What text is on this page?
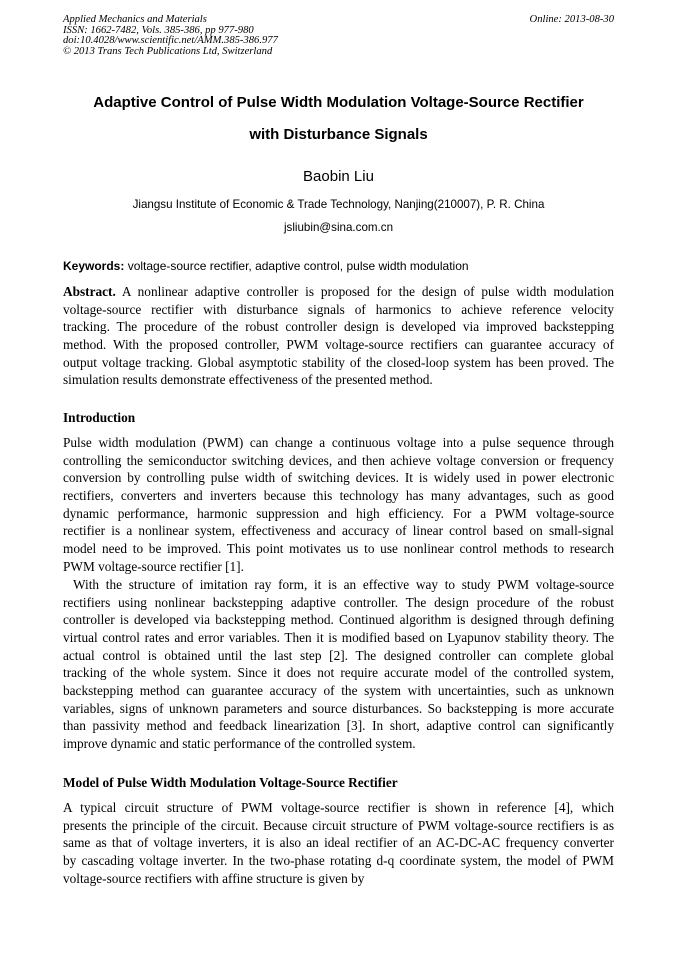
Applied Mechanics and Materials
ISSN: 1662-7482, Vols. 385-386, pp 977-980
doi:10.4028/www.scientific.net/AMM.385-386.977
© 2013 Trans Tech Publications Ltd, Switzerland
Online: 2013-08-30
Adaptive Control of Pulse Width Modulation Voltage-Source Rectifier
with Disturbance Signals
Baobin Liu
Jiangsu Institute of Economic & Trade Technology, Nanjing(210007), P. R. China
jsliubin@sina.com.cn
Keywords: voltage-source rectifier, adaptive control, pulse width modulation
Abstract. A nonlinear adaptive controller is proposed for the design of pulse width modulation
voltage-source rectifier with disturbance signals of harmonics to achieve reference velocity
tracking. The procedure of the robust controller design is developed via improved backstepping
method. With the proposed controller, PWM voltage-source rectifiers can guarantee accuracy of
output voltage tracking. Global asymptotic stability of the closed-loop system has been proved. The
simulation results demonstrate effectiveness of the presented method.
Introduction
Pulse width modulation (PWM) can change a continuous voltage into a pulse sequence through
controlling the semiconductor switching devices, and then achieve voltage conversion or frequency
conversion by controlling pulse width of switching devices. It is widely used in power electronic
rectifiers, converters and inverters because this technology has many advantages, such as good
dynamic performance, harmonic suppression and high efficiency. For a PWM voltage-source
rectifier is a nonlinear system, effectiveness and accuracy of linear control based on small-signal
model need to be improved. This point motivates us to use nonlinear control methods to research
PWM voltage-source rectifier [1].
With the structure of imitation ray form, it is an effective way to study PWM voltage-source
rectifiers using nonlinear backstepping adaptive controller. The design procedure of the robust
controller is developed via backstepping method. Continued algorithm is designed through defining
virtual control rates and error variables. Then it is modified based on Lyapunov stability theory. The
actual control is obtained until the last step [2]. The designed controller can complete global
tracking of the whole system. Since it does not require accurate model of the controlled system,
backstepping method can guarantee accuracy of the system with uncertainties, such as unknown
variables, signs of unknown parameters and source disturbances. So backstepping is more accurate
than passivity method and feedback linearization [3]. In short, adaptive control can significantly
improve dynamic and static performance of the controlled system.
Model of Pulse Width Modulation Voltage-Source Rectifier
A typical circuit structure of PWM voltage-source rectifier is shown in reference [4], which
presents the principle of the circuit. Because circuit structure of PWM voltage-source rectifiers is as
same as that of voltage inverters, it is also an ideal rectifier of an AC-DC-AC frequency converter
by cascading voltage inverter. In the two-phase rotating d-q coordinate system, the model of PWM
voltage-source rectifiers with affine structure is given by
